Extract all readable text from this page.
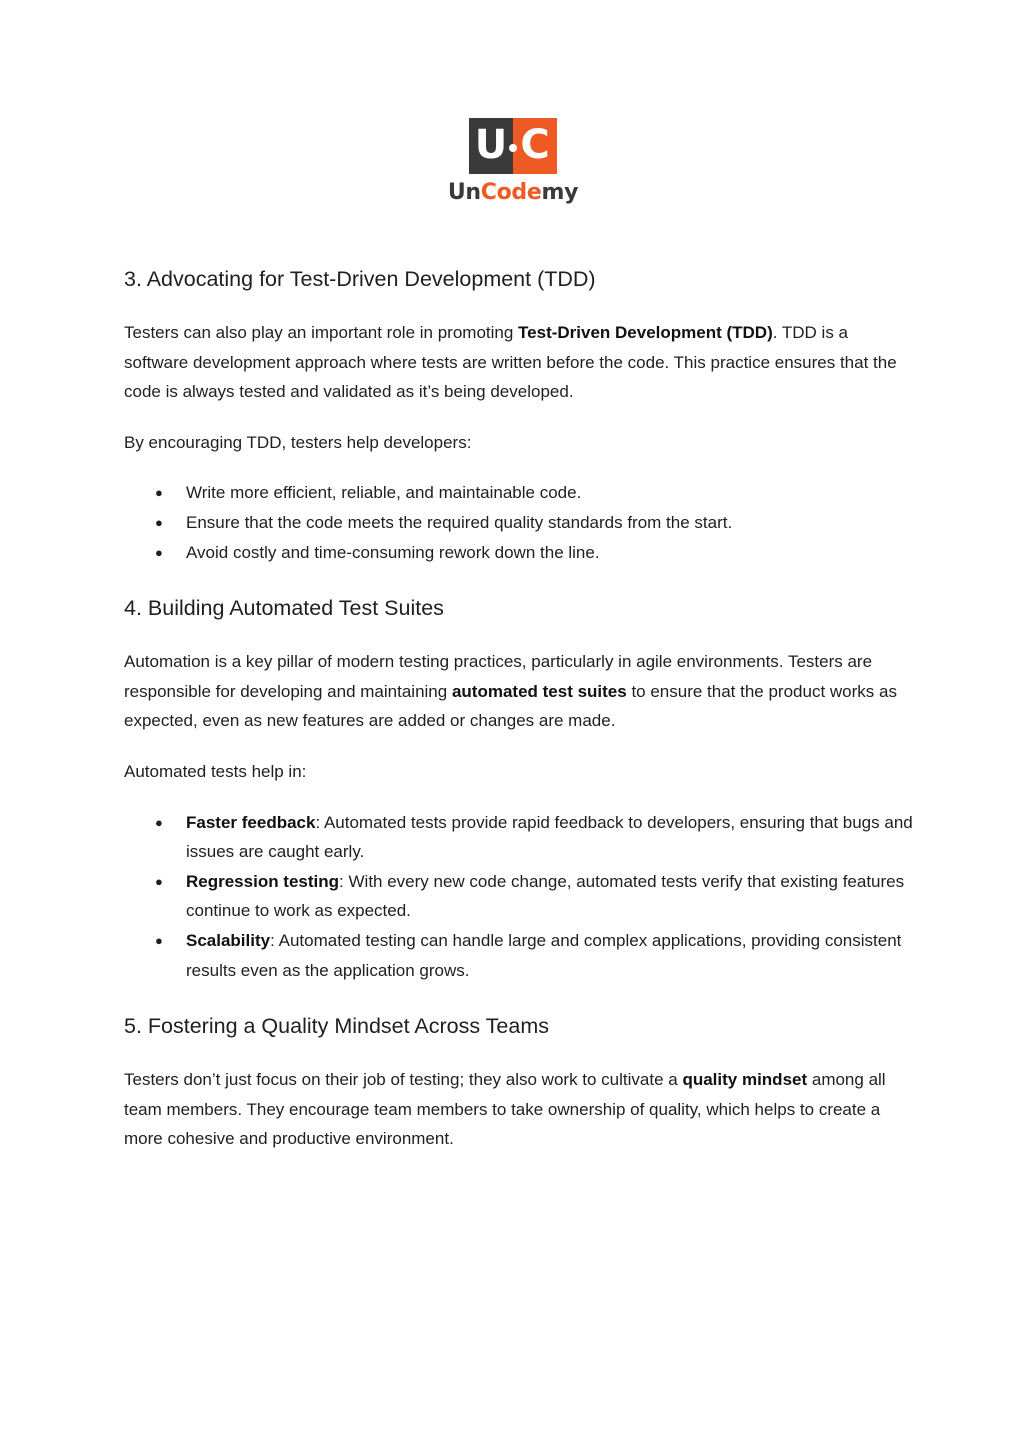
U C
UnCodemy
3. Advocating for Test-Driven Development (TDD)

Testers can also play an important role in promoting Test-Driven Development (TDD). TDD is a software development approach where tests are written before the code. This practice ensures that the code is always tested and validated as it’s being developed.

By encouraging TDD, testers help developers:

● Write more efficient, reliable, and maintainable code.
● Ensure that the code meets the required quality standards from the start.
● Avoid costly and time-consuming rework down the line.
4. Building Automated Test Suites

Automation is a key pillar of modern testing practices, particularly in agile environments. Testers are responsible for developing and maintaining automated test suites to ensure that the product works as expected, even as new features are added or changes are made.

Automated tests help in:

● Faster feedback: Automated tests provide rapid feedback to developers, ensuring that bugs and issues are caught early.
● Regression testing: With every new code change, automated tests verify that existing features continue to work as expected.
● Scalability: Automated testing can handle large and complex applications, providing consistent results even as the application grows.
5. Fostering a Quality Mindset Across Teams

Testers don’t just focus on their job of testing; they also work to cultivate a quality mindset among all team members. They encourage team members to take ownership of quality, which helps to create a more cohesive and productive environment.
